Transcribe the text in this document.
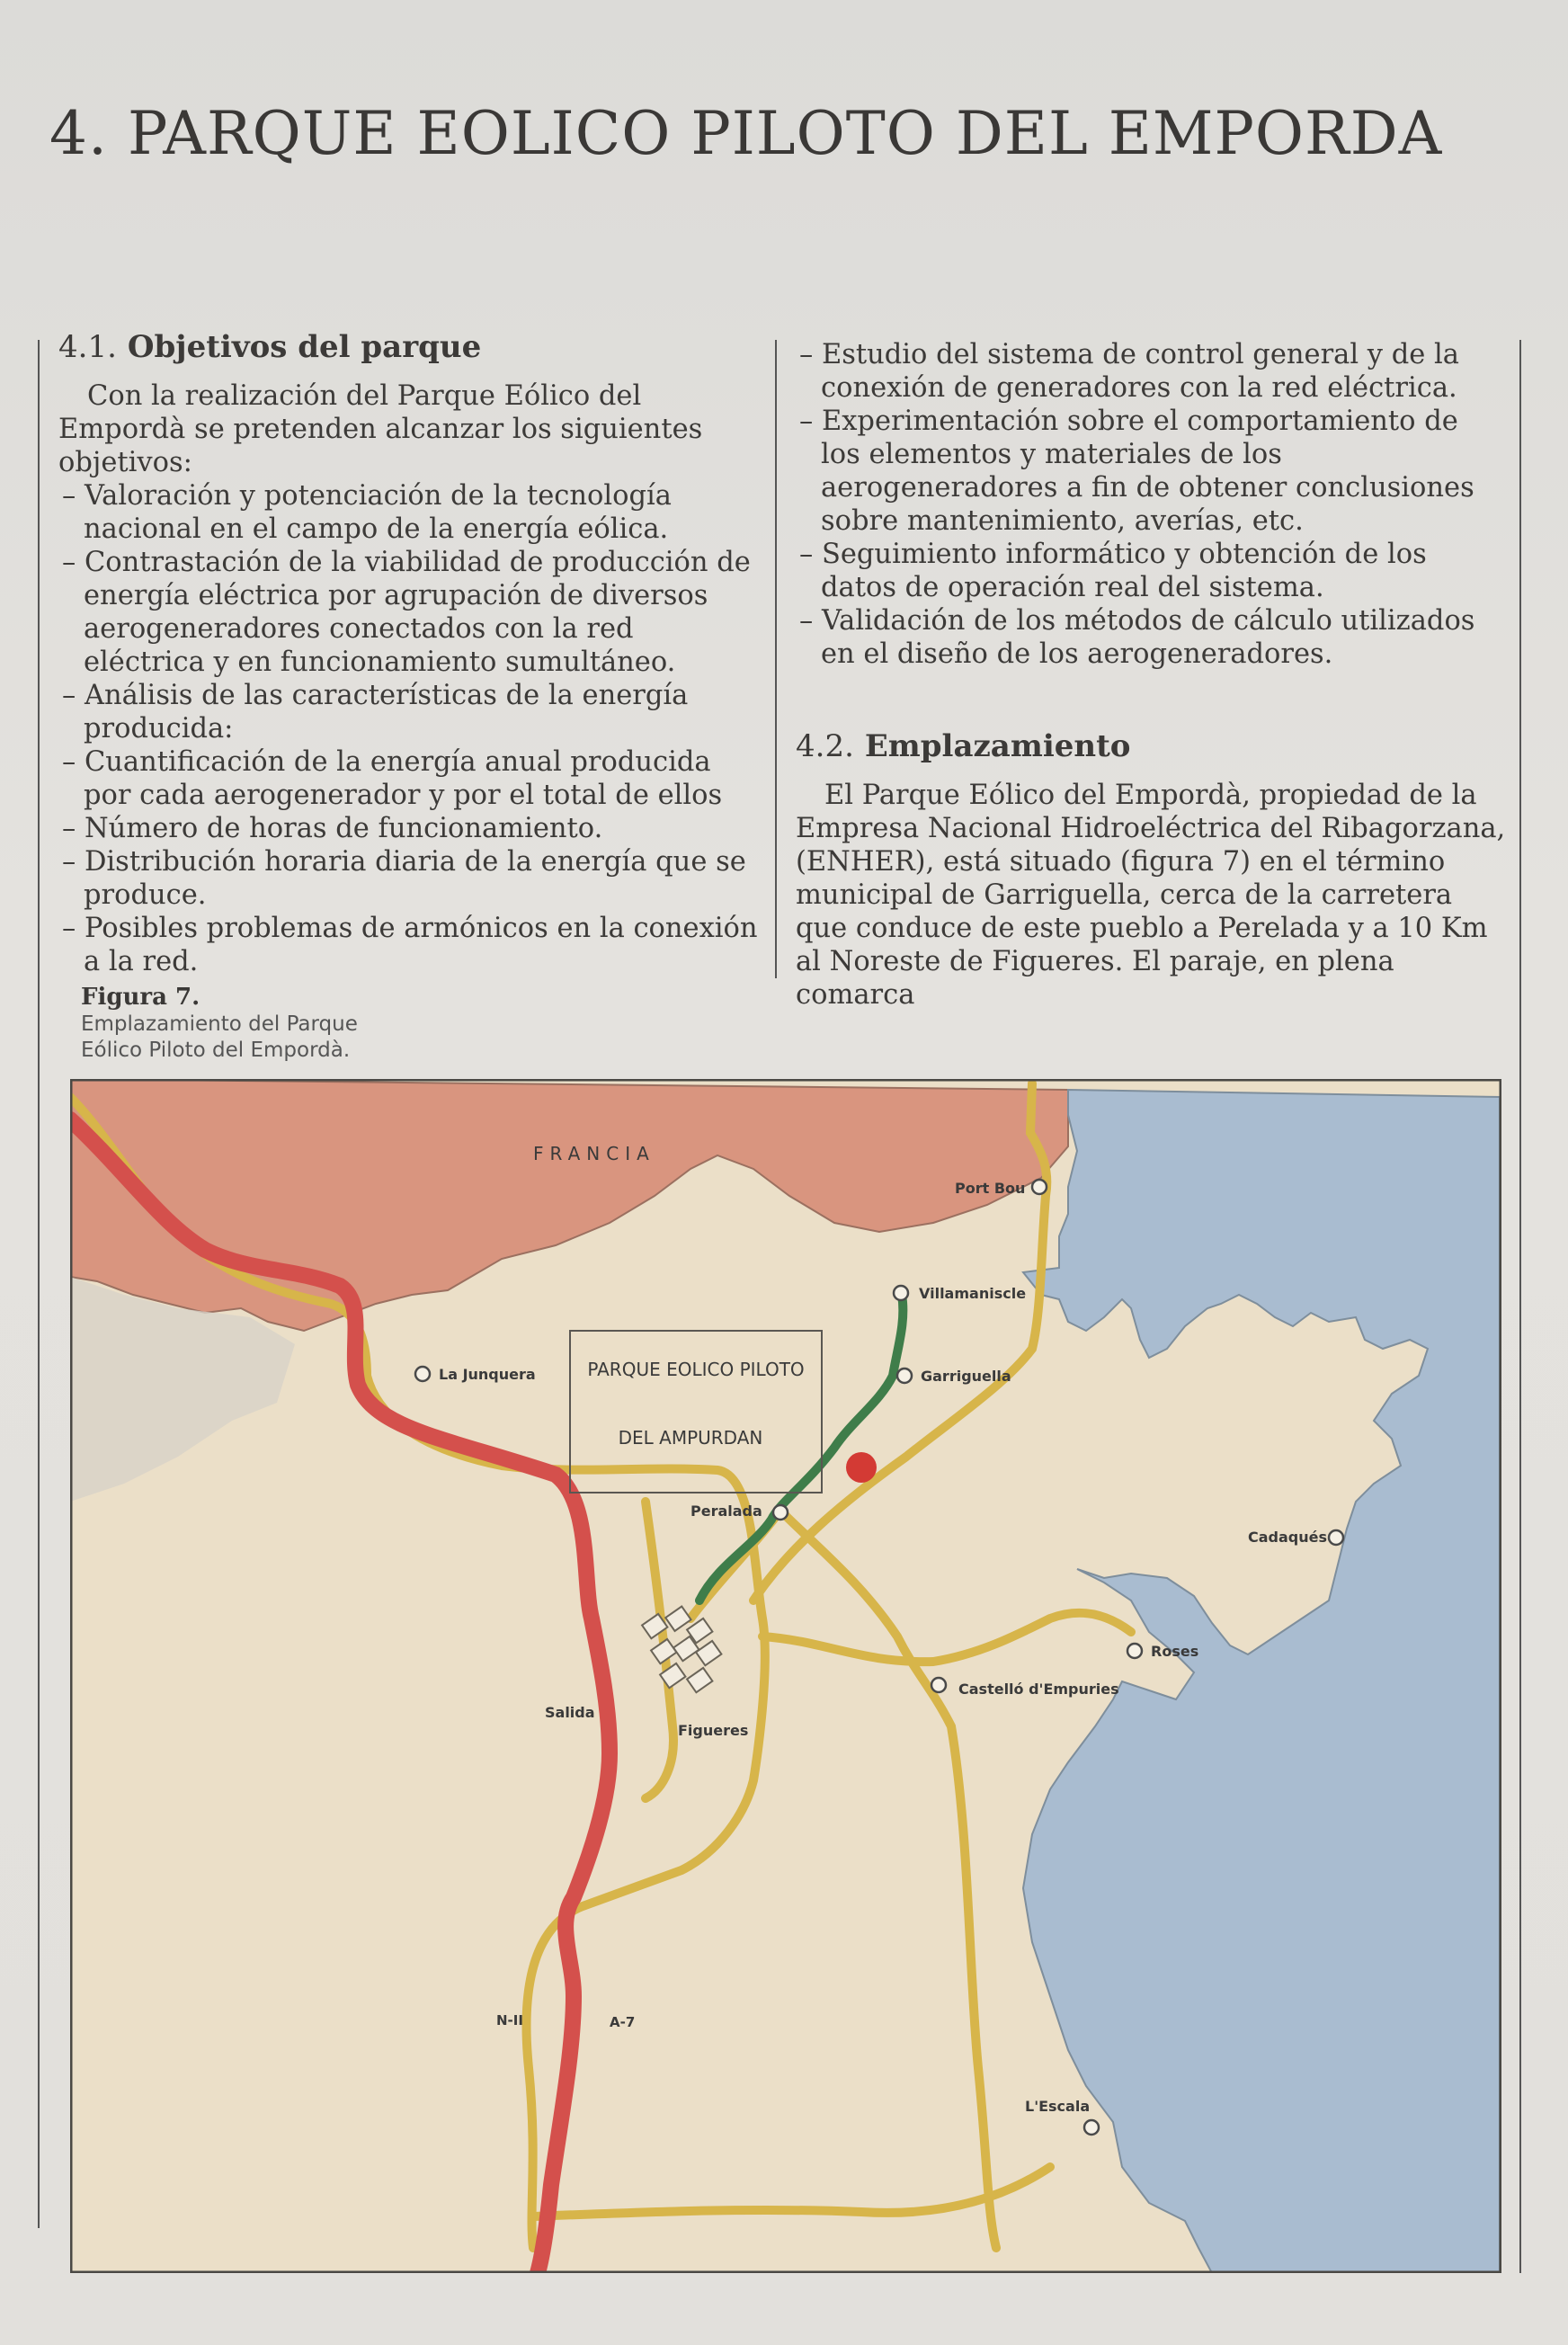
4. PARQUE EOLICO PILOTO DEL EMPORDA
4.1. Objetivos del parque

Con la realización del Parque Eólico del Empordà se pretenden alcanzar los siguientes objetivos:

– Valoración y potenciación de la tecnología nacional en el campo de la energía eólica.
– Contrastación de la viabilidad de producción de energía eléctrica por agrupación de diversos aerogeneradores conectados con la red eléctrica y en funcionamiento sumultáneo.
– Análisis de las características de la energía producida:
– Cuantificación de la energía anual producida por cada aerogenerador y por el total de ellos
– Número de horas de funcionamiento.
– Distribución horaria diaria de la energía que se produce.
– Posibles problemas de armónicos en la conexión a la red.
– Estudio del sistema de control general y de la conexión de generadores con la red eléctrica.
– Experimentación sobre el comportamiento de los elementos y materiales de los aerogeneradores a fin de obtener conclusiones sobre mantenimiento, averías, etc.
– Seguimiento informático y obtención de los datos de operación real del sistema.
– Validación de los métodos de cálculo utilizados en el diseño de los aerogeneradores.
4.2. Emplazamiento

El Parque Eólico del Empordà, propiedad de la Empresa Nacional Hidroeléctrica del Ribagorzana, (ENHER), está situado (figura 7) en el término municipal de Garriguella, cerca de la carretera que conduce de este pueblo a Perelada y a 10 Km al Noreste de Figueres. El paraje, en plena comarca

Figura 7.
Emplazamiento del Parque Eólico Piloto del Empordà.
PARQUE EOLICO PILOTO
DEL AMPURDAN
FRANCIA
Port Bou
Villamaniscle
Garriguella
La Junquera
Peralada
Cadaqués
Roses
Castelló d'Empuries
Salida
Figueres
N-II	A-7
L'Escala
